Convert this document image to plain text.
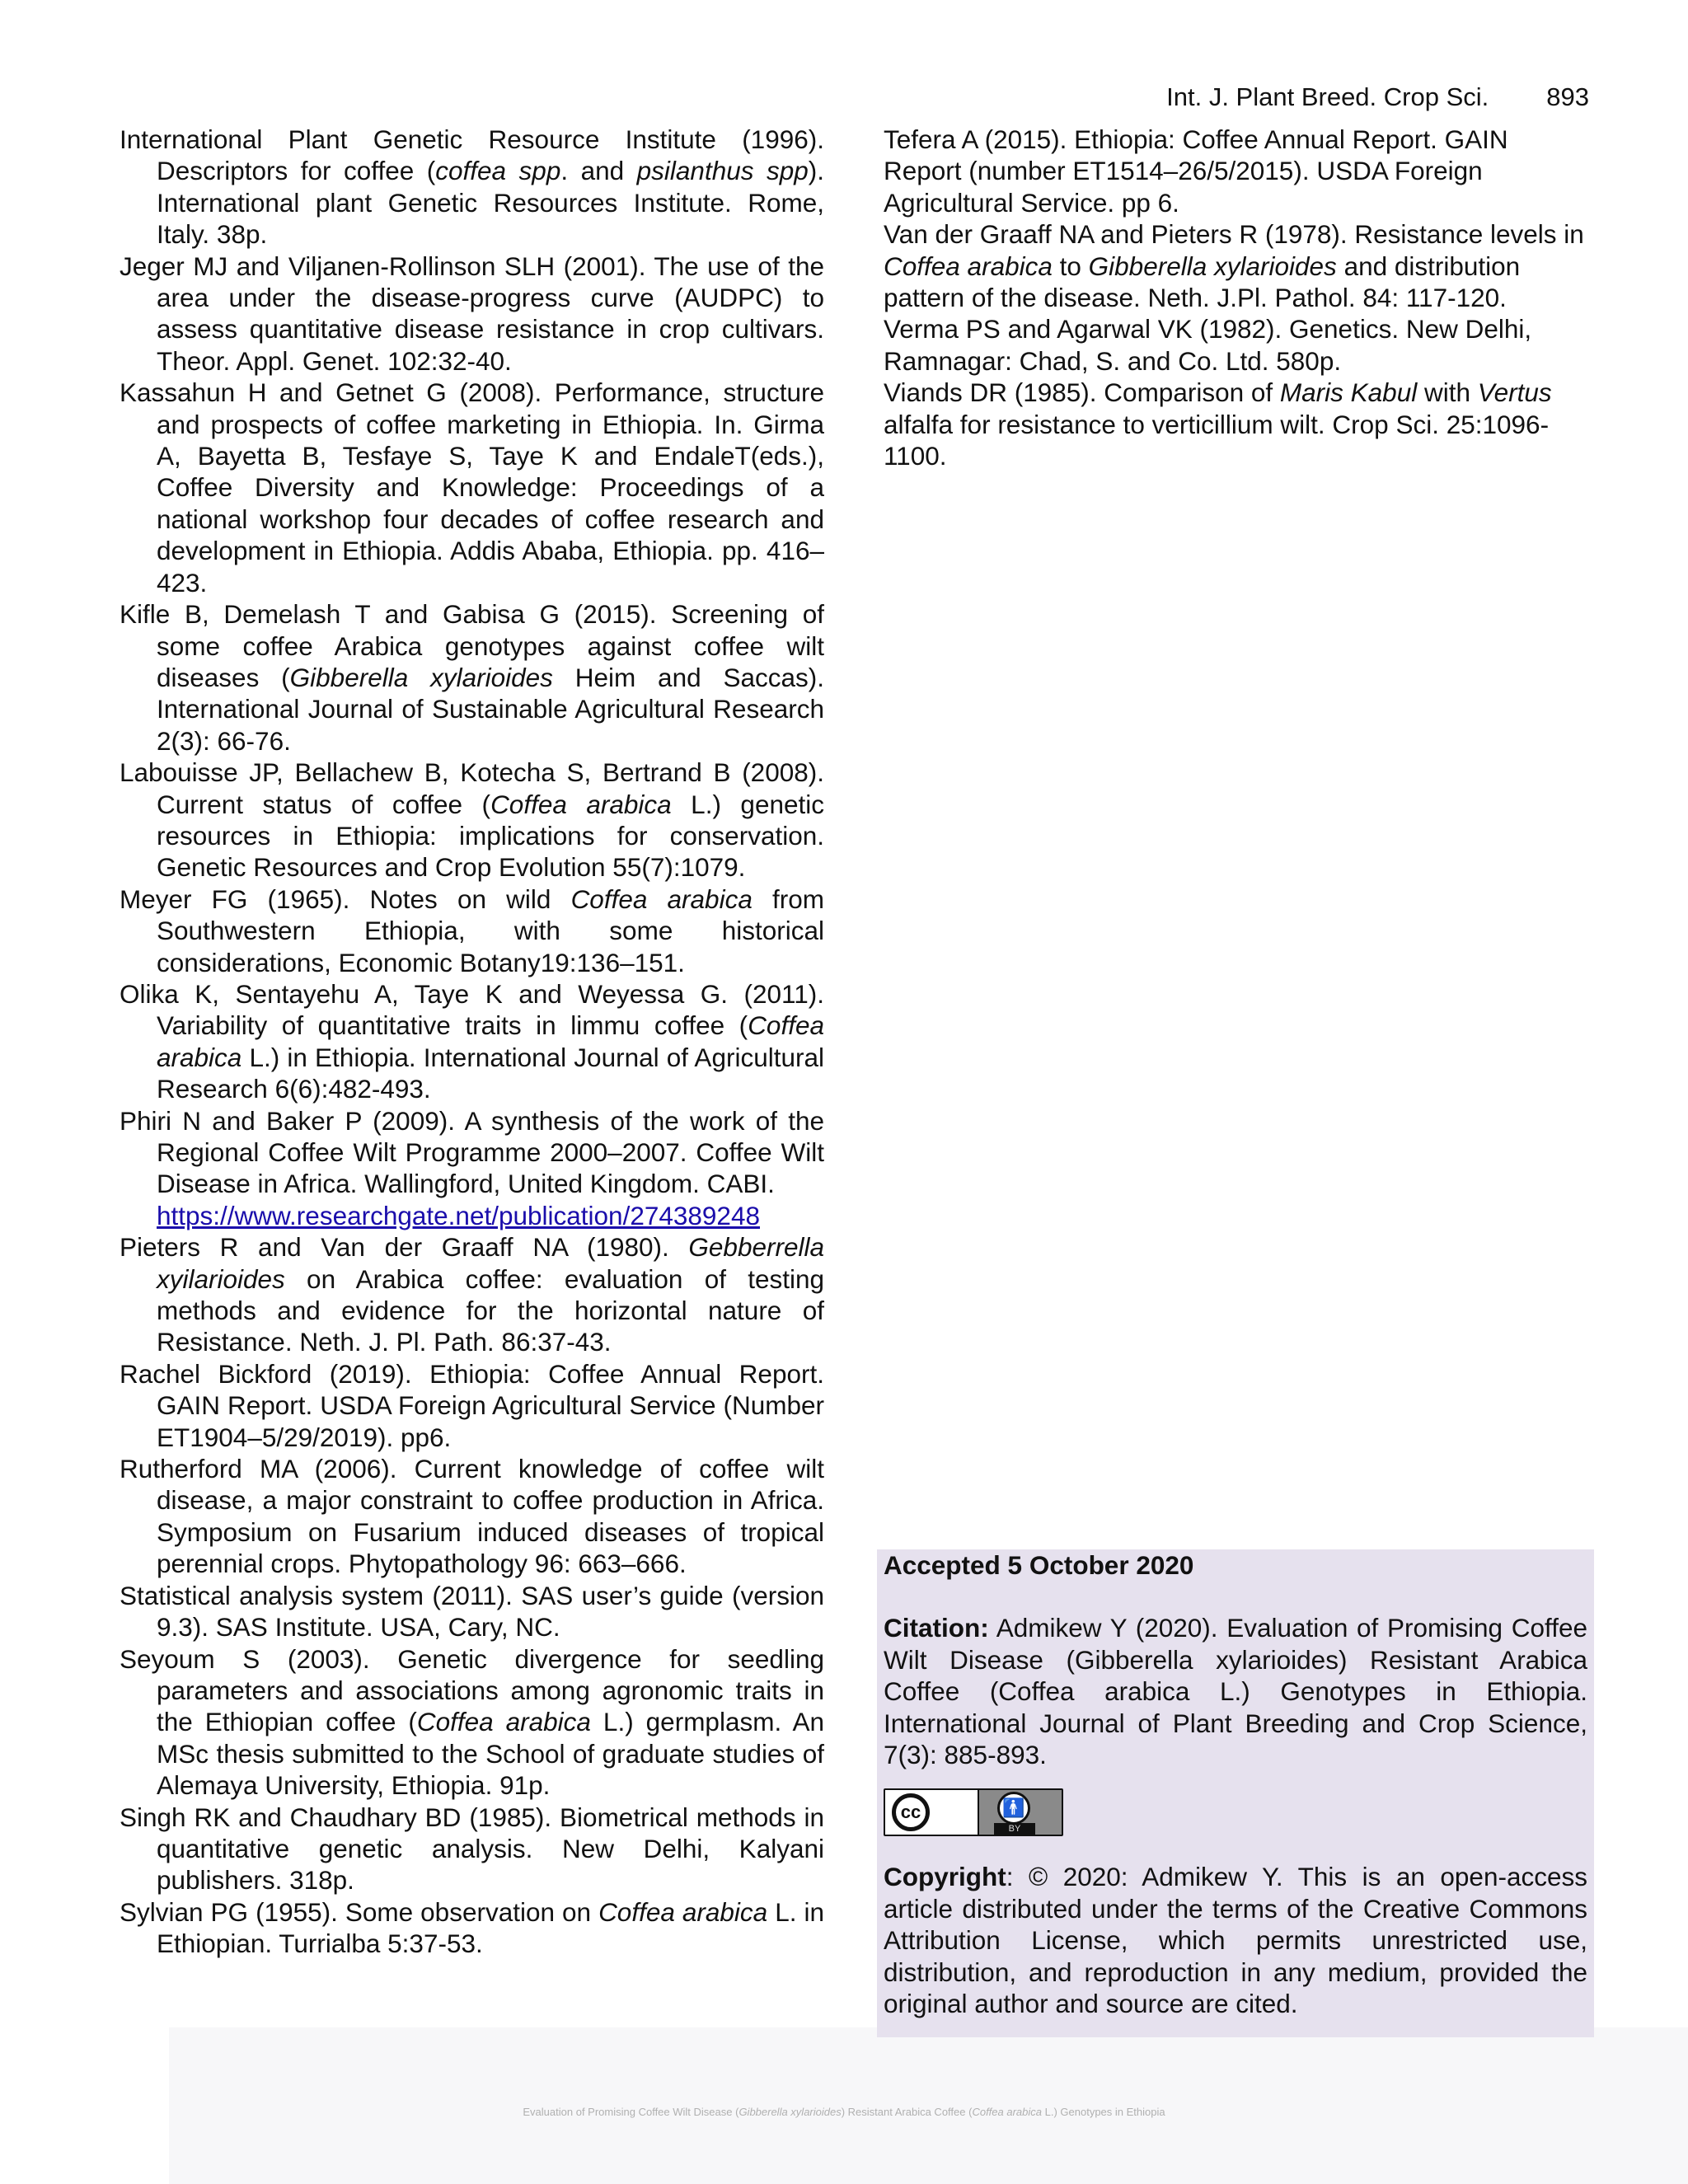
Int. J. Plant Breed. Crop Sci. 893

International Plant Genetic Resource Institute (1996). Descriptors for coffee (coffea spp. and psilanthus spp). International plant Genetic Resources Institute. Rome, Italy. 38p.

Jeger MJ and Viljanen-Rollinson SLH (2001). The use of the area under the disease-progress curve (AUDPC) to assess quantitative disease resistance in crop cultivars. Theor. Appl. Genet. 102:32-40.

Kassahun H and Getnet G (2008). Performance, structure and prospects of coffee marketing in Ethiopia. In. Girma A, Bayetta B, Tesfaye S, Taye K and EndaleT(eds.), Coffee Diversity and Knowledge: Proceedings of a national workshop four decades of coffee research and development in Ethiopia. Addis Ababa, Ethiopia. pp. 416–423.

Kifle B, Demelash T and Gabisa G (2015). Screening of some coffee Arabica genotypes against coffee wilt diseases (Gibberella xylarioides Heim and Saccas). International Journal of Sustainable Agricultural Research 2(3): 66-76.

Labouisse JP, Bellachew B, Kotecha S, Bertrand B (2008). Current status of coffee (Coffea arabica L.) genetic resources in Ethiopia: implications for conservation. Genetic Resources and Crop Evolution 55(7):1079.

Meyer FG (1965). Notes on wild Coffea arabica from Southwestern Ethiopia, with some historical considerations, Economic Botany19:136–151.

Olika K, Sentayehu A, Taye K and Weyessa G. (2011). Variability of quantitative traits in limmu coffee (Coffea arabica L.) in Ethiopia. International Journal of Agricultural Research 6(6):482-493.

Phiri N and Baker P (2009). A synthesis of the work of the Regional Coffee Wilt Programme 2000–2007. Coffee Wilt Disease in Africa. Wallingford, United Kingdom. CABI.
https://www.researchgate.net/publication/274389248

Pieters R and Van der Graaff NA (1980). Gebberrella xyilarioides on Arabica coffee: evaluation of testing methods and evidence for the horizontal nature of Resistance. Neth. J. Pl. Path. 86:37-43.

Rachel Bickford (2019). Ethiopia: Coffee Annual Report. GAIN Report. USDA Foreign Agricultural Service (Number ET1904–5/29/2019). pp6.

Rutherford MA (2006). Current knowledge of coffee wilt disease, a major constraint to coffee production in Africa. Symposium on Fusarium induced diseases of tropical perennial crops. Phytopathology 96: 663–666.

Statistical analysis system (2011). SAS user’s guide (version 9.3). SAS Institute. USA, Cary, NC.

Seyoum S (2003). Genetic divergence for seedling parameters and associations among agronomic traits in the Ethiopian coffee (Coffea arabica L.) germplasm. An MSc thesis submitted to the School of graduate studies of Alemaya University, Ethiopia. 91p.

Singh RK and Chaudhary BD (1985). Biometrical methods in quantitative genetic analysis. New Delhi, Kalyani publishers. 318p.

Sylvian PG (1955). Some observation on Coffea arabica L. in Ethiopian. Turrialba 5:37-53.

Tefera A (2015). Ethiopia: Coffee Annual Report. GAIN Report (number ET1514–26/5/2015). USDA Foreign Agricultural Service. pp 6.

Van der Graaff NA and Pieters R (1978). Resistance levels in Coffea arabica to Gibberella xylarioides and distribution pattern of the disease. Neth. J.Pl. Pathol. 84: 117-120.

Verma PS and Agarwal VK (1982). Genetics. New Delhi, Ramnagar: Chad, S. and Co. Ltd. 580p.

Viands DR (1985). Comparison of Maris Kabul with Vertus alfalfa for resistance to verticillium wilt. Crop Sci. 25:1096-1100.

Accepted 5 October 2020

Citation: Admikew Y (2020). Evaluation of Promising Coffee Wilt Disease (Gibberella xylarioides) Resistant Arabica Coffee (Coffea arabica L.) Genotypes in Ethiopia. International Journal of Plant Breeding and Crop Science, 7(3): 885-893.

cc	🚹
BY

Copyright: © 2020: Admikew Y. This is an open-access article distributed under the terms of the Creative Commons Attribution License, which permits unrestricted use, distribution, and reproduction in any medium, provided the original author and source are cited.

Evaluation of Promising Coffee Wilt Disease (Gibberella xylarioides) Resistant Arabica Coffee (Coffea arabica L.) Genotypes in Ethiopia
